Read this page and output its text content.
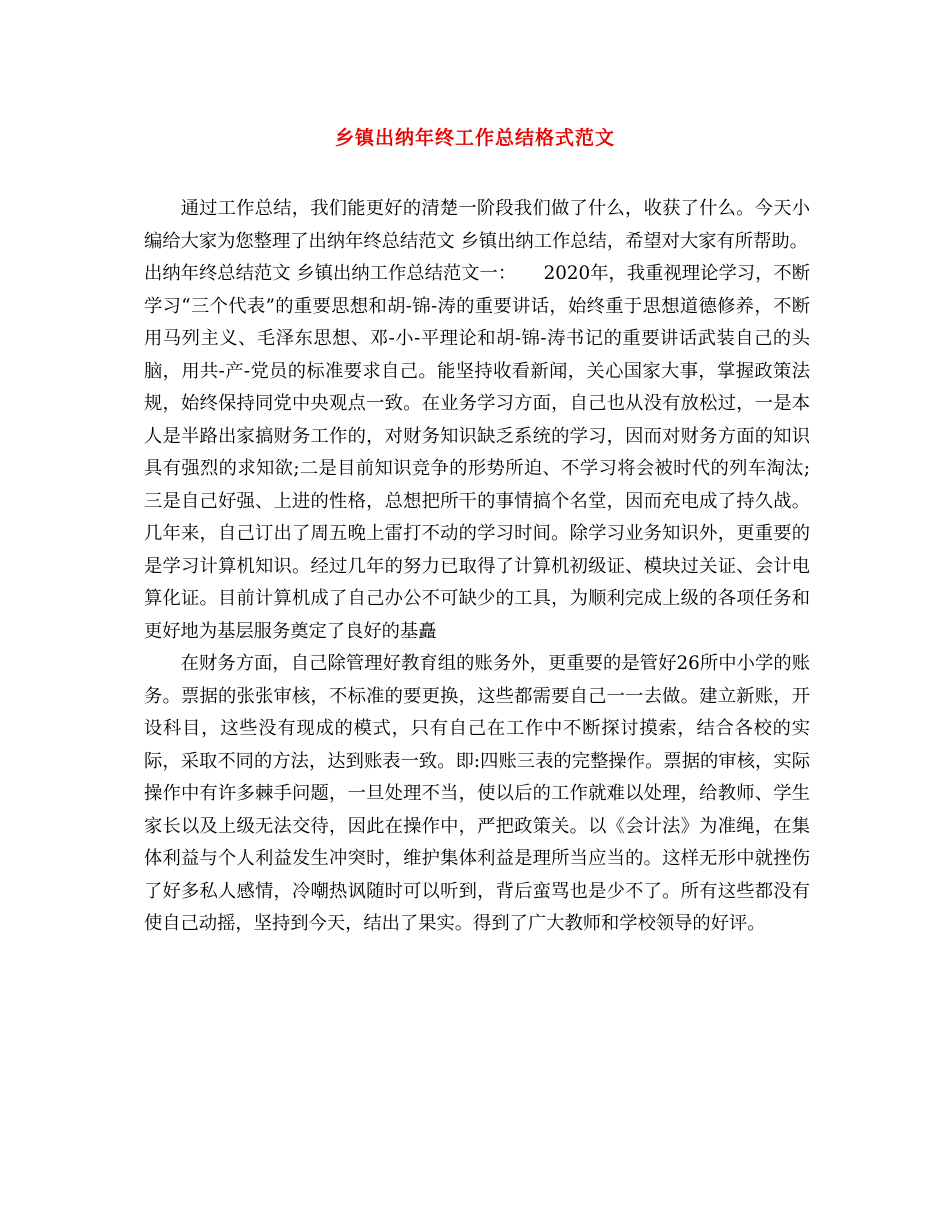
乡镇出纳年终工作总结格式范文

通过工作总结，我们能更好的清楚一阶段我们做了什么，收获了什么。今天小编给大家为您整理了出纳年终总结范文 乡镇出纳工作总结，希望对大家有所帮助。

出纳年终总结范文 乡镇出纳工作总结范文一：　　2020年，我重视理论学习，不断学习“三个代表”的重要思想和胡-锦-涛的重要讲话，始终重于思想道德修养，不断用马列主义、毛泽东思想、邓-小-平理论和胡-锦-涛书记的重要讲话武装自己的头脑，用共-产-党员的标准要求自己。能坚持收看新闻，关心国家大事，掌握政策法规，始终保持同党中央观点一致。在业务学习方面，自己也从没有放松过，一是本人是半路出家搞财务工作的，对财务知识缺乏系统的学习，因而对财务方面的知识具有强烈的求知欲;二是目前知识竞争的形势所迫、不学习将会被时代的列车淘汰;三是自己好强、上进的性格，总想把所干的事情搞个名堂，因而充电成了持久战。几年来，自己订出了周五晚上雷打不动的学习时间。除学习业务知识外，更重要的是学习计算机知识。经过几年的努力已取得了计算机初级证、模块过关证、会计电算化证。目前计算机成了自己办公不可缺少的工具，为顺利完成上级的各项任务和更好地为基层服务奠定了良好的基矗

在财务方面，自己除管理好教育组的账务外，更重要的是管好26所中小学的账务。票据的张张审核，不标准的要更换，这些都需要自己一一去做。建立新账，开设科目，这些没有现成的模式，只有自己在工作中不断探讨摸索，结合各校的实际，采取不同的方法，达到账表一致。即:四账三表的完整操作。票据的审核，实际操作中有许多棘手问题，一旦处理不当，使以后的工作就难以处理，给教师、学生家长以及上级无法交待，因此在操作中，严把政策关。以《会计法》为准绳，在集体利益与个人利益发生冲突时，维护集体利益是理所当应当的。这样无形中就挫伤了好多私人感情，冷嘲热讽随时可以听到，背后蛮骂也是少不了。所有这些都没有使自己动摇，坚持到今天，结出了果实。得到了广大教师和学校领导的好评。
